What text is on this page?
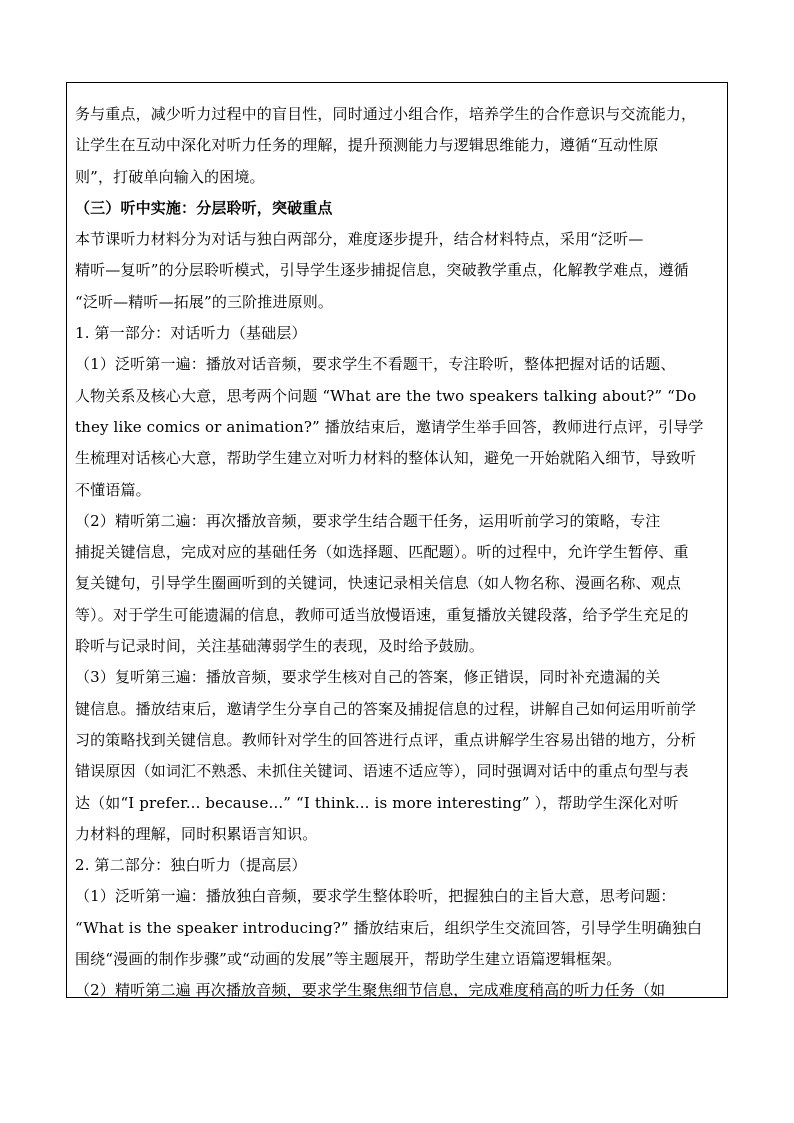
务与重点，减少听力过程中的盲目性，同时通过小组合作，培养学生的合作意识与交流能力，
让学生在互动中深化对听力任务的理解，提升预测能力与逻辑思维能力，遵循“互动性原
则”，打破单向输入的困境。
（三）听中实施：分层聆听，突破重点
本节课听力材料分为对话与独白两部分，难度逐步提升，结合材料特点，采用“泛听—
精听—复听”的分层聆听模式，引导学生逐步捕捉信息，突破教学重点，化解教学难点，遵循
“泛听—精听—拓展”的三阶推进原则。
1. 第一部分：对话听力（基础层）
（1）泛听第一遍：播放对话音频，要求学生不看题干，专注聆听，整体把握对话的话题、
人物关系及核心大意，思考两个问题 “What are the two speakers talking about?” “Do
they like comics or animation?” 播放结束后，邀请学生举手回答，教师进行点评，引导学
生梳理对话核心大意，帮助学生建立对听力材料的整体认知，避免一开始就陷入细节，导致听
不懂语篇。
（2）精听第二遍：再次播放音频，要求学生结合题干任务，运用听前学习的策略，专注
捕捉关键信息，完成对应的基础任务（如选择题、匹配题）。听的过程中，允许学生暂停、重
复关键句，引导学生圈画听到的关键词，快速记录相关信息（如人物名称、漫画名称、观点
等）。对于学生可能遗漏的信息，教师可适当放慢语速，重复播放关键段落，给予学生充足的
聆听与记录时间，关注基础薄弱学生的表现，及时给予鼓励。
（3）复听第三遍：播放音频，要求学生核对自己的答案，修正错误，同时补充遗漏的关
键信息。播放结束后，邀请学生分享自己的答案及捕捉信息的过程，讲解自己如何运用听前学
习的策略找到关键信息。教师针对学生的回答进行点评，重点讲解学生容易出错的地方，分析
错误原因（如词汇不熟悉、未抓住关键词、语速不适应等），同时强调对话中的重点句型与表
达（如“I prefer... because...” “I think... is more interesting” ），帮助学生深化对听
力材料的理解，同时积累语言知识。
2. 第二部分：独白听力（提高层）
（1）泛听第一遍：播放独白音频，要求学生整体聆听，把握独白的主旨大意，思考问题：
“What is the speaker introducing?” 播放结束后，组织学生交流回答，引导学生明确独白
围绕“漫画的制作步骤”或“动画的发展”等主题展开，帮助学生建立语篇逻辑框架。
（2）精听第二遍 再次播放音频，要求学生聚焦细节信息，完成难度稍高的听力任务（如
